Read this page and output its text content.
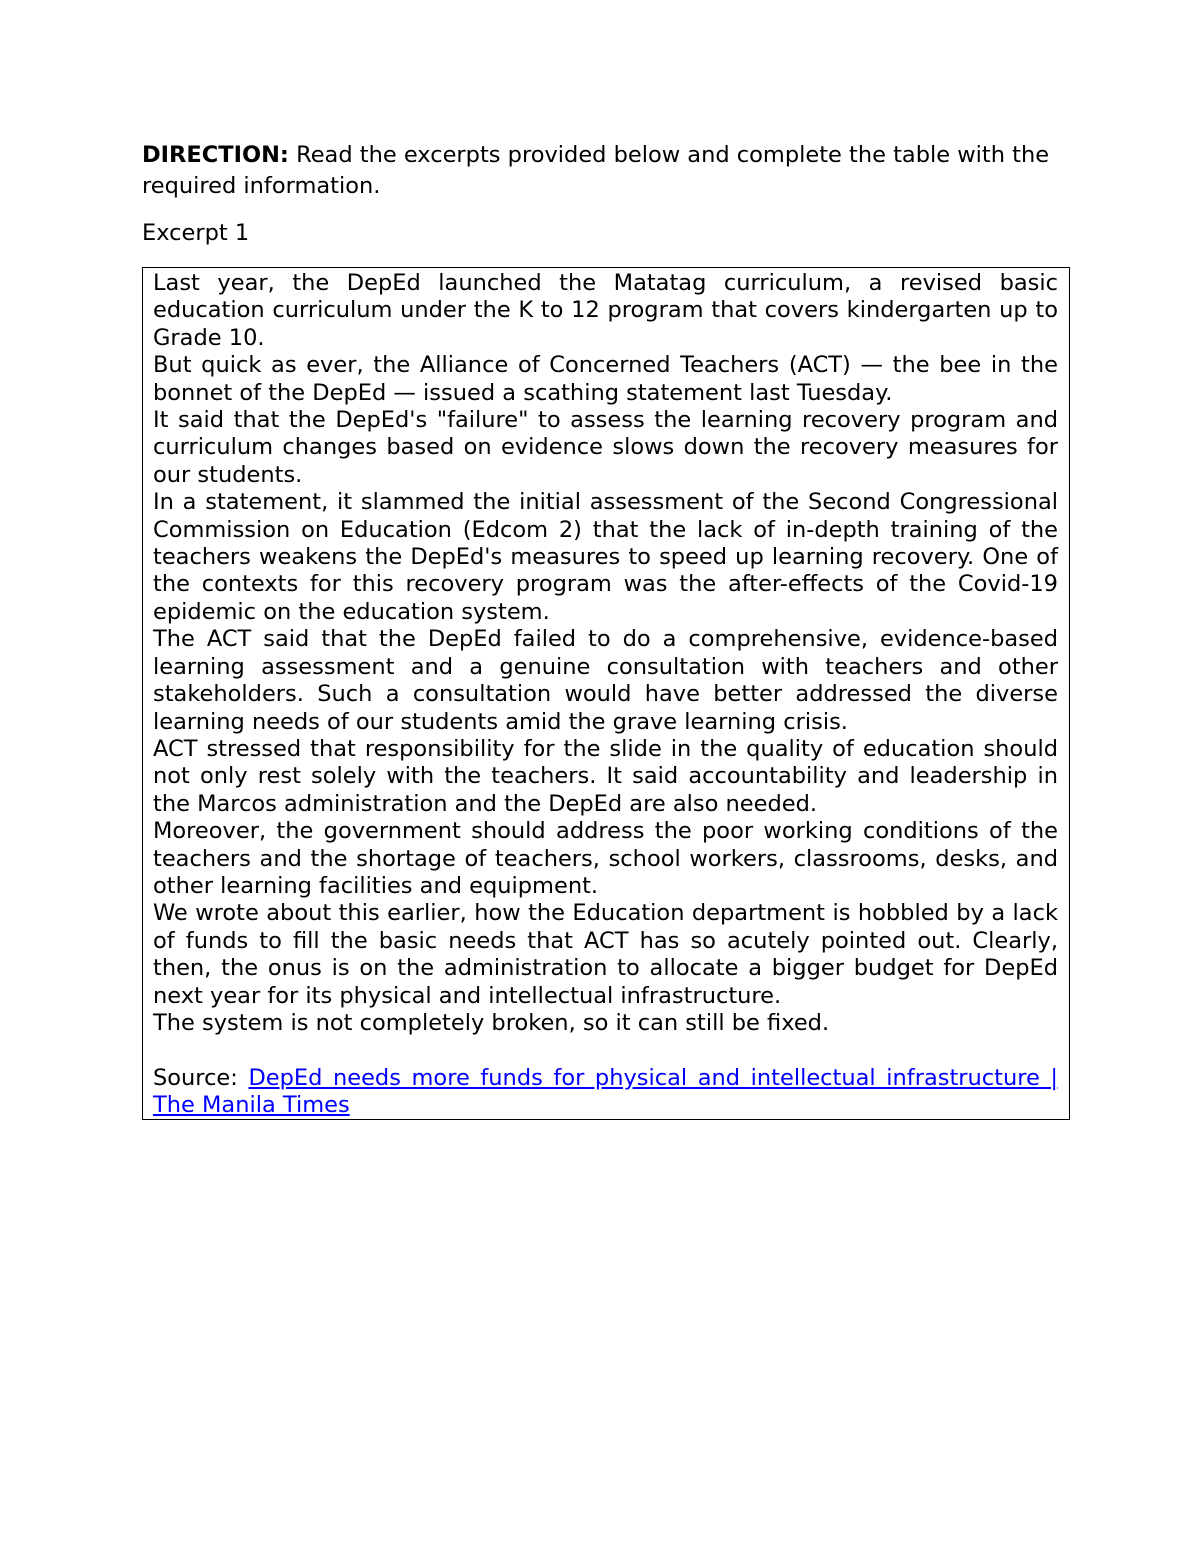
DIRECTION: Read the excerpts provided below and complete the table with the required information.

Excerpt 1

Last year, the DepEd launched the Matatag curriculum, a revised basic education curriculum under the K to 12 program that covers kindergarten up to Grade 10.

But quick as ever, the Alliance of Concerned Teachers (ACT) — the bee in the bonnet of the DepEd — issued a scathing statement last Tuesday.

It said that the DepEd's "failure" to assess the learning recovery program and curriculum changes based on evidence slows down the recovery measures for our students.

In a statement, it slammed the initial assessment of the Second Congressional Commission on Education (Edcom 2) that the lack of in-depth training of the teachers weakens the DepEd's measures to speed up learning recovery. One of the contexts for this recovery program was the after-effects of the Covid-19 epidemic on the education system.

The ACT said that the DepEd failed to do a comprehensive, evidence-based learning assessment and a genuine consultation with teachers and other stakeholders. Such a consultation would have better addressed the diverse learning needs of our students amid the grave learning crisis.

ACT stressed that responsibility for the slide in the quality of education should not only rest solely with the teachers. It said accountability and leadership in the Marcos administration and the DepEd are also needed.

Moreover, the government should address the poor working conditions of the teachers and the shortage of teachers, school workers, classrooms, desks, and other learning facilities and equipment.

We wrote about this earlier, how the Education department is hobbled by a lack of funds to fill the basic needs that ACT has so acutely pointed out. Clearly, then, the onus is on the administration to allocate a bigger budget for DepEd next year for its physical and intellectual infrastructure.

The system is not completely broken, so it can still be fixed.

Source: DepEd needs more funds for physical and intellectual infrastructure | The Manila Times
